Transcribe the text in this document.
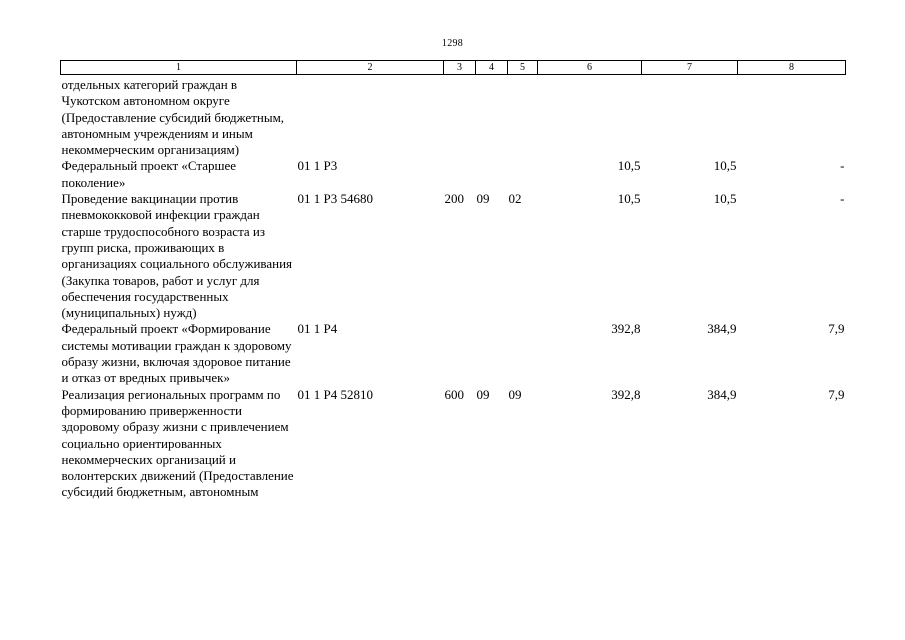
1298
1	2	3	4	5	6	7	8
отдельных категорий граждан в Чукотском автономном округе (Предоставление субсидий бюджетным, автономным учреждениям и иным некоммерческим организациям)							
Федеральный проект «Старшее поколение»	01 1 P3				10,5	10,5	-
Проведение вакцинации против пневмококковой инфекции граждан старше трудоспособного возраста из групп риска, проживающих в организациях социального обслуживания (Закупка товаров, работ и услуг для обеспечения государственных (муниципальных) нужд)	01 1 P3 54680	200	09	02	10,5	10,5	-
Федеральный проект «Формирование системы мотивации граждан к здоровому образу жизни, включая здоровое питание и отказ от вредных привычек»	01 1 P4				392,8	384,9	7,9
Реализация региональных программ по формированию приверженности здоровому образу жизни с привлечением социально ориентированных некоммерческих организаций и волонтерских движений (Предоставление субсидий бюджетным, автономным	01 1 P4 52810	600	09	09	392,8	384,9	7,9
